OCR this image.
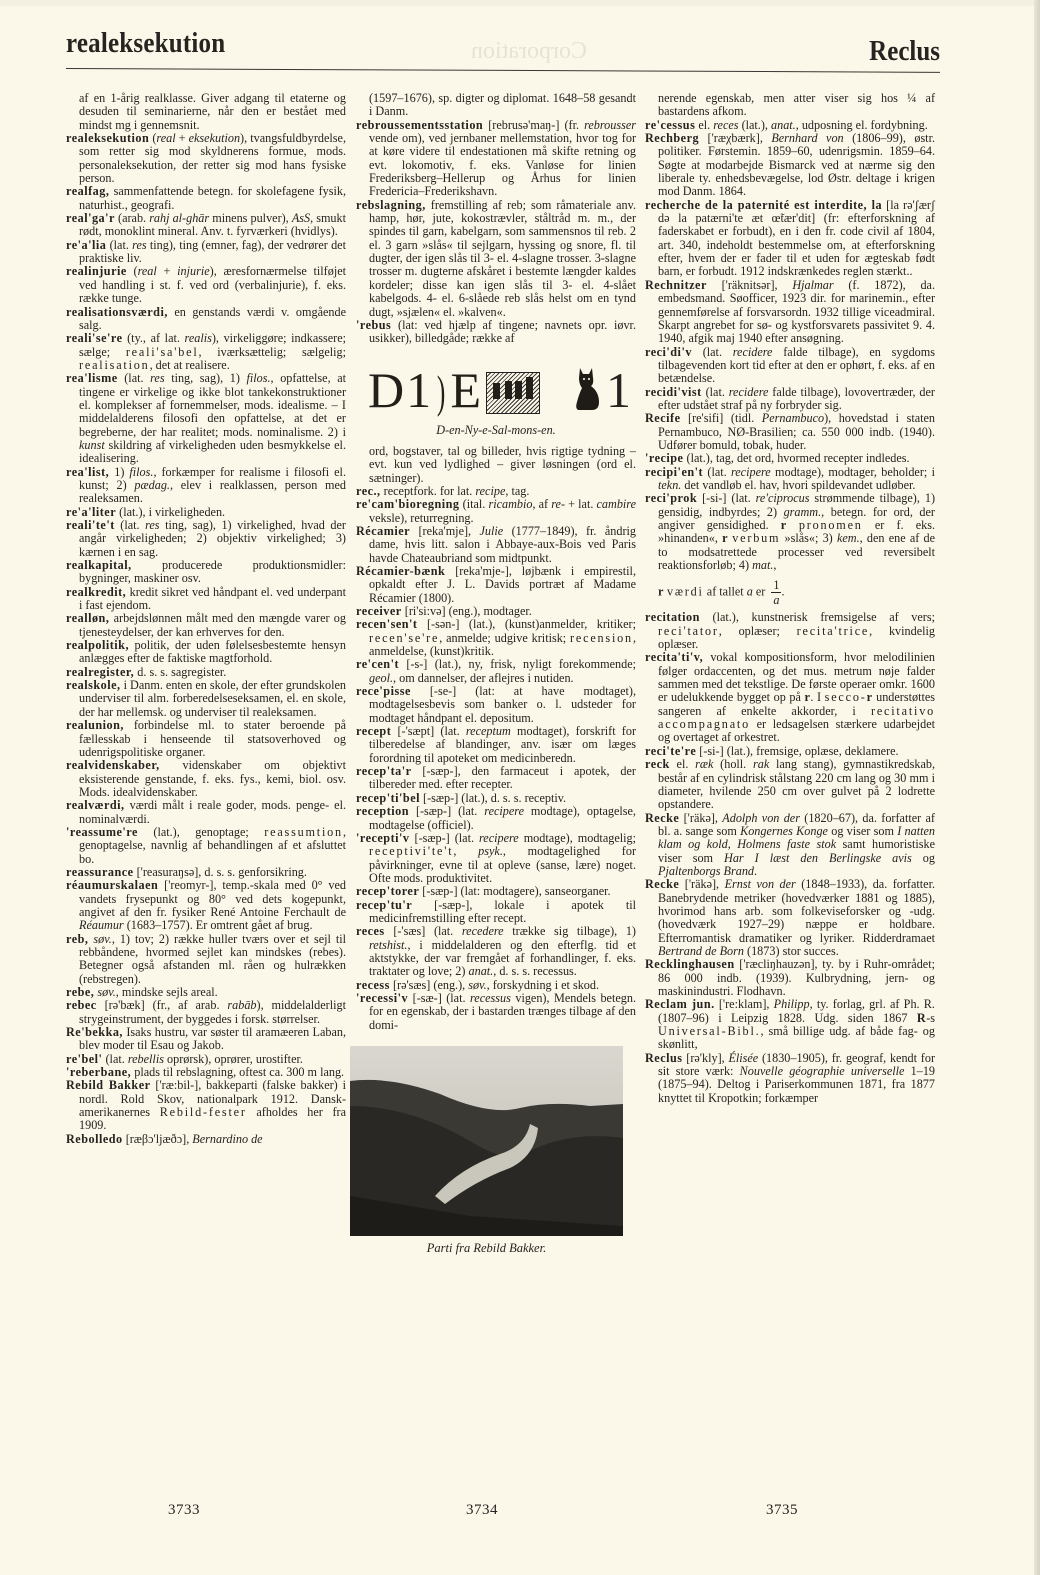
realeksekution	Corporation	Reclus

af en 1-årig realklasse. Giver adgang til etaterne og desuden til seminarierne, når den er bestået med mindst mg i gennemsnit.

realeksekution (real + eksekution), tvangsfuldbyrdelse, som retter sig mod skyldnerens formue, mods. personaleksekution, der retter sig mod hans fysiske person.

realfag, sammenfattende betegn. for skolefagene fysik, naturhist., geografi.

real'ga'r (arab. rahj al-ghār minens pulver), AsS, smukt rødt, monoklint mineral. Anv. t. fyrværkeri (hvidlys).

re'a'lia (lat. res ting), ting (emner, fag), der vedrører det praktiske liv.

realinjurie (real + injurie), æresfornærmelse tilføjet ved handling i st. f. ved ord (verbalinjurie), f. eks. række tunge.

realisationsværdi, en genstands værdi v. omgående salg.

reali'se're (ty., af lat. realis), virkeliggøre; indkassere; sælge; reali'sa'bel, iværksættelig; sælgelig; realisation, det at realisere.

rea'lisme (lat. res ting, sag), 1) filos., opfattelse, at tingene er virkelige og ikke blot tankekonstruktioner el. komplekser af fornemmelser, mods. idealisme. – I middelalderens filosofi den opfattelse, at det er begreberne, der har realitet; mods. nominalisme. 2) i kunst skildring af virkeligheden uden besmykkelse el. idealisering.

rea'list, 1) filos., forkæmper for realisme i filosofi el. kunst; 2) pædag., elev i realklassen, person med realeksamen.

re'a'liter (lat.), i virkeligheden.

reali'te't (lat. res ting, sag), 1) virkelighed, hvad der angår virkeligheden; 2) objektiv virkelighed; 3) kærnen i en sag.

realkapital, producerede produktionsmidler: bygninger, maskiner osv.

realkredit, kredit sikret ved håndpant el. ved underpant i fast ejendom.

realløn, arbejdslønnen målt med den mængde varer og tjenesteydelser, der kan erhverves for den.

realpolitik, politik, der uden følelsesbestemte hensyn anlægges efter de faktiske magtforhold.

realregister, d. s. s. sagregister.

realskole, i Danm. enten en skole, der efter grundskolen underviser til alm. forberedelseseksamen, el. en skole, der har mellemsk. og underviser til realeksamen.

realunion, forbindelse ml. to stater beroende på fællesskab i henseende til statsoverhoved og udenrigspolitiske organer.

realvidenskaber, videnskaber om objektivt eksisterende genstande, f. eks. fys., kemi, biol. osv. Mods. idealvidenskaber.

realværdi, værdi målt i reale goder, mods. penge- el. nominalværdi.

'reassume're (lat.), genoptage; reassumtion, genoptagelse, navnlig af behandlingen af et afsluttet bo.

reassurance ['reasuraŋsə], d. s. s. genforsikring.

réaumurskalaen ['reomyr-], temp.-skala med 0° ved vandets frysepunkt og 80° ved dets kogepunkt, angivet af den fr. fysiker René Antoine Ferchault de Réaumur (1683–1757). Er omtrent gået af brug.

reb, søv., 1) tov; 2) række huller tværs over et sejl til rebbåndene, hvormed sejlet kan mindskes (rebes). Betegner også afstanden ml. råen og hulrækken (rebstregen).

rebe, søv., mindske sejls areal.

rebec [rə'bæk] (fr., af arab. rabāb), middelalderligt strygeinstrument, der byggedes i forsk. størrelser.

Re'bekka, Isaks hustru, var søster til aramæeren Laban, blev moder til Esau og Jakob.

re'bel' (lat. rebellis oprørsk), oprører, urostifter.

'reberbane, plads til rebslagning, oftest ca. 300 m lang.

Rebild Bakker ['ræ:bil-], bakkeparti (falske bakker) i nordl. Rold Skov, nationalpark 1912. Dansk-amerikanernes Rebild-fester afholdes her fra 1909.

Rebolledo [ræβɔ'ljæðɔ], Bernardino de

(1597–1676), sp. digter og diplomat. 1648–58 gesandt i Danm.

rebroussementsstation [rebrusə'maŋ-] (fr. rebrousser vende om), ved jernbaner mellemstation, hvor tog for at køre videre til endestationen må skifte retning og evt. lokomotiv, f. eks. Vanløse for linien Frederiksberg–Hellerup og Århus for linien Fredericia–Frederikshavn.

rebslagning, fremstilling af reb; som råmateriale anv. hamp, hør, jute, kokostrævler, ståltråd m. m., der spindes til garn, kabelgarn, som sammensnos til reb. 2 el. 3 garn »slås« til sejlgarn, hyssing og snore, fl. til dugter, der igen slås til 3- el. 4-slagne trosser. 3-slagne trosser m. dugterne afskåret i bestemte længder kaldes kordeler; disse kan igen slås til 3- el. 4-slået kabelgods. 4- el. 6-slåede reb slås helst om en tynd dugt, »sjælen« el. »kalven«.

'rebus (lat: ved hjælp af tingene; navnets opr. iøvr. usikker), billedgåde; række af

D1)E 1
D-en-Ny-e-Sal-mons-en.

ord, bogstaver, tal og billeder, hvis rigtige tydning – evt. kun ved lydlighed – giver løsningen (ord el. sætninger).

rec., receptfork. for lat. recipe, tag.

re'cam'bioregning (ital. ricambio, af re- + lat. cambire veksle), returregning.

Récamier [reka'mje], Julie (1777–1849), fr. åndrig dame, hvis litt. salon i Abbaye-aux-Bois ved Paris havde Chateaubriand som midtpunkt.

Récamier-bænk [reka'mje-], løjbænk i empirestil, opkaldt efter J. L. Davids portræt af Madame Récamier (1800).

receiver [ri'si:və] (eng.), modtager.

recen'sen't [-sən-] (lat.), (kunst)anmelder, kritiker; recen'se're, anmelde; udgive kritisk; recension, anmeldelse, (kunst)kritik.

re'cen't [-s-] (lat.), ny, frisk, nyligt forekommende; geol., om dannelser, der aflejres i nutiden.

rece'pisse [-se-] (lat: at have modtaget), modtagelsesbevis som banker o. l. udsteder for modtaget håndpant el. depositum.

recept [-'sæpt] (lat. receptum modtaget), forskrift for tilberedelse af blandinger, anv. især om læges forordning til apoteket om medicinberedn.

recep'ta'r [-sæp-], den farmaceut i apotek, der tilbereder med. efter recepter.

recep'ti'bel [-sæp-] (lat.), d. s. s. receptiv.

reception [-sæp-] (lat. recipere modtage), optagelse, modtagelse (officiel).

'recepti'v [-sæp-] (lat. recipere modtage), modtagelig; receptivi'te't, psyk., modtagelighed for påvirkninger, evne til at opleve (sanse, lære) noget. Ofte mods. produktivitet.

recep'torer [-sæp-] (lat: modtagere), sanseorganer.

recep'tu'r [-sæp-], lokale i apotek til medicinfremstilling efter recept.

reces [-'sæs] (lat. recedere trække sig tilbage), 1) retshist., i middelalderen og den efterflg. tid et aktstykke, der var fremgået af forhandlinger, f. eks. traktater og love; 2) anat., d. s. s. recessus.

recess [rə'sæs] (eng.), søv., forskydning i et skod.

'recessi'v [-sæ-] (lat. recessus vigen), Mendels betegn. for en egenskab, der i bastarden trænges tilbage af den domi-

Parti fra Rebild Bakker.

nerende egenskab, men atter viser sig hos ¼ af bastardens afkom.

re'cessus el. reces (lat.), anat., udposning el. fordybning.

Rechberg ['ræχbærk], Bernhard von (1806–99), østr. politiker. Førstemin. 1859–60, udenrigsmin. 1859–64. Søgte at modarbejde Bismarck ved at nærme sig den liberale ty. enhedsbevægelse, lod Østr. deltage i krigen mod Danm. 1864.

recherche de la paternité est interdite, la [la rə'ʃærʃ də la patærni'te æt œ̃tær'dit] (fr: efterforskning af faderskabet er forbudt), en i den fr. code civil af 1804, art. 340, indeholdt bestemmelse om, at efterforskning efter, hvem der er fader til et uden for ægteskab født barn, er forbudt. 1912 indskrænkedes reglen stærkt..

Rechnitzer ['räknitsər], Hjalmar (f. 1872), da. embedsmand. Søofficer, 1923 dir. for marinemin., efter gennemførelse af forsvarsordn. 1932 tillige viceadmiral. Skarpt angrebet for sø- og kystforsvarets passivitet 9. 4. 1940, afgik maj 1940 efter ansøgning.

reci'di'v (lat. recidere falde tilbage), en sygdoms tilbagevenden kort tid efter at den er ophørt, f. eks. af en betændelse.

recidi'vist (lat. recidere falde tilbage), lovovertræder, der efter udstået straf på ny forbryder sig.

Recife [re'sifi] (tidl. Pernambuco), hovedstad i staten Pernambuco, NØ-Brasilien; ca. 550 000 indb. (1940). Udfører bomuld, tobak, huder.

'recipe (lat.), tag, det ord, hvormed recepter indledes.

recipi'en't (lat. recipere modtage), modtager, beholder; i tekn. det vandløb el. hav, hvori spildevandet udløber.

reci'prok [-si-] (lat. re'ciprocus strømmende tilbage), 1) gensidig, indbyrdes; 2) gramm., betegn. for ord, der angiver gensidighed. r pronomen er f. eks. »hinanden«, r verbum »slås«; 3) kem., den ene af de to modsatrettede processer ved reversibelt reaktionsforløb; 4) mat.,

r værdi af tallet a er $\frac{1}{a}$ .

recitation (lat.), kunstnerisk fremsigelse af vers; reci'tator, oplæser; recita'trice, kvindelig oplæser.

recita'ti'v, vokal kompositionsform, hvor melodilinien følger ordaccenten, og det mus. metrum nøje falder sammen med det tekstlige. De første operaer omkr. 1600 er udelukkende bygget op på r. I secco-r understøttes sangeren af enkelte akkorder, i recitativo accompagnato er ledsagelsen stærkere udarbejdet og overtaget af orkestret.

reci'te're [-si-] (lat.), fremsige, oplæse, deklamere.

reck el. ræk (holl. rak lang stang), gymnastikredskab, består af en cylindrisk stålstang 220 cm lang og 30 mm i diameter, hvilende 250 cm over gulvet på 2 lodrette opstandere.

Recke ['räkə], Adolph von der (1820–67), da. forfatter af bl. a. sange som Kongernes Konge og viser som I natten klam og kold, Holmens faste stok samt humoristiske viser som Har I læst den Berlingske avis og Pjaltenborgs Brand.

Recke ['räkə], Ernst von der (1848–1933), da. forfatter. Banebrydende metriker (hovedværker 1881 og 1885), hvorimod hans arb. som folkeviseforsker og -udg. (hovedværk 1927–29) næppe er holdbare. Efterromantisk dramatiker og lyriker. Ridderdramaet Bertrand de Born (1873) stor succes.

Recklinghausen ['ræcliŋhauzən], ty. by i Ruhr-området; 86 000 indb. (1939). Kulbrydning, jern- og maskinindustri. Flodhavn.

Reclam jun. ['re:klam], Philipp, ty. forlag, grl. af Ph. R. (1807–96) i Leipzig 1828. Udg. siden 1867 R-s Universal-Bibl., små billige udg. af både fag- og skønlitt,

Reclus [rə'kly], Élisée (1830–1905), fr. geograf, kendt for sit store værk: Nouvelle géographie universelle 1–19 (1875–94). Deltog i Pariserkommunen 1871, fra 1877 knyttet til Kropotkin; forkæmper

3733	3734	3735
